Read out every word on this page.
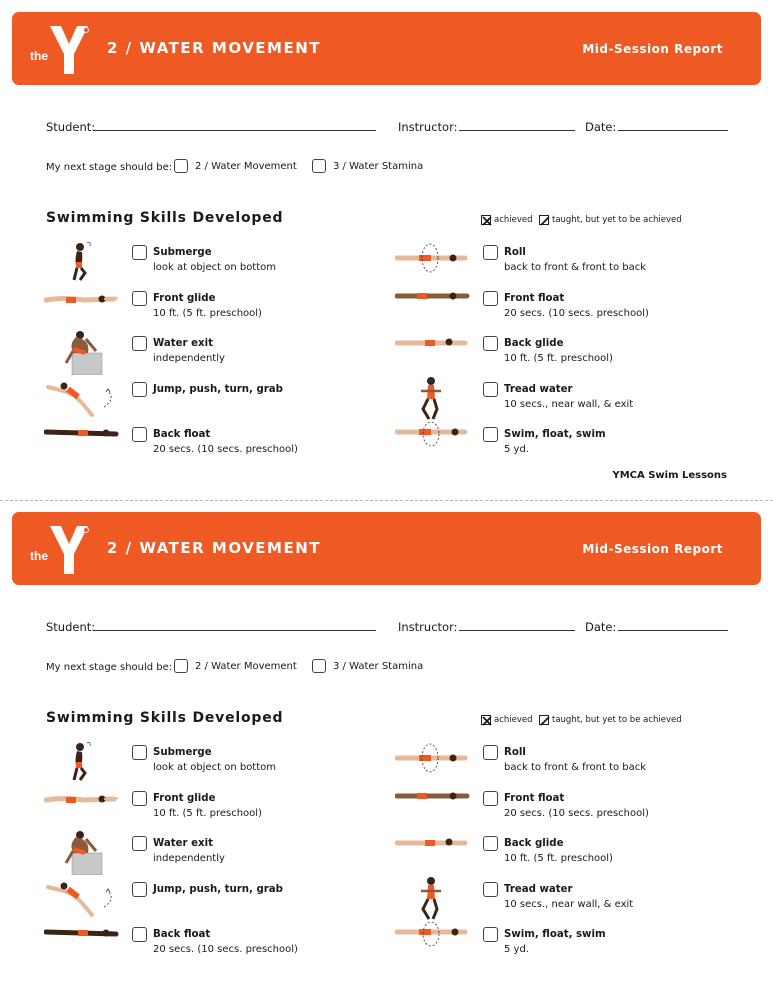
the	2 / WATER MOVEMENT	Mid-Session Report
Student:	Instructor:	Date:
My next stage should be: 2 / Water Movement	3 / Water Stamina
Swimming Skills Developed	achieved taught, but yet to be achieved
Submerge
look at object on bottom
Front glide
10 ft. (5 ft. preschool)
Water exit
independently
Jump, push, turn, grab
Back float
20 secs. (10 secs. preschool)
Roll
back to front & front to back
Front float
20 secs. (10 secs. preschool)
Back glide
10 ft. (5 ft. preschool)
Tread water
10 secs., near wall, & exit
Swim, float, swim
5 yd.
YMCA Swim Lessons
the	2 / WATER MOVEMENT	Mid-Session Report
Student:	Instructor:	Date:
My next stage should be: 2 / Water Movement	3 / Water Stamina
Swimming Skills Developed	achieved taught, but yet to be achieved
Submerge
look at object on bottom
Front glide
10 ft. (5 ft. preschool)
Water exit
independently
Jump, push, turn, grab
Back float
20 secs. (10 secs. preschool)
Roll
back to front & front to back
Front float
20 secs. (10 secs. preschool)
Back glide
10 ft. (5 ft. preschool)
Tread water
10 secs., near wall, & exit
Swim, float, swim
5 yd.
